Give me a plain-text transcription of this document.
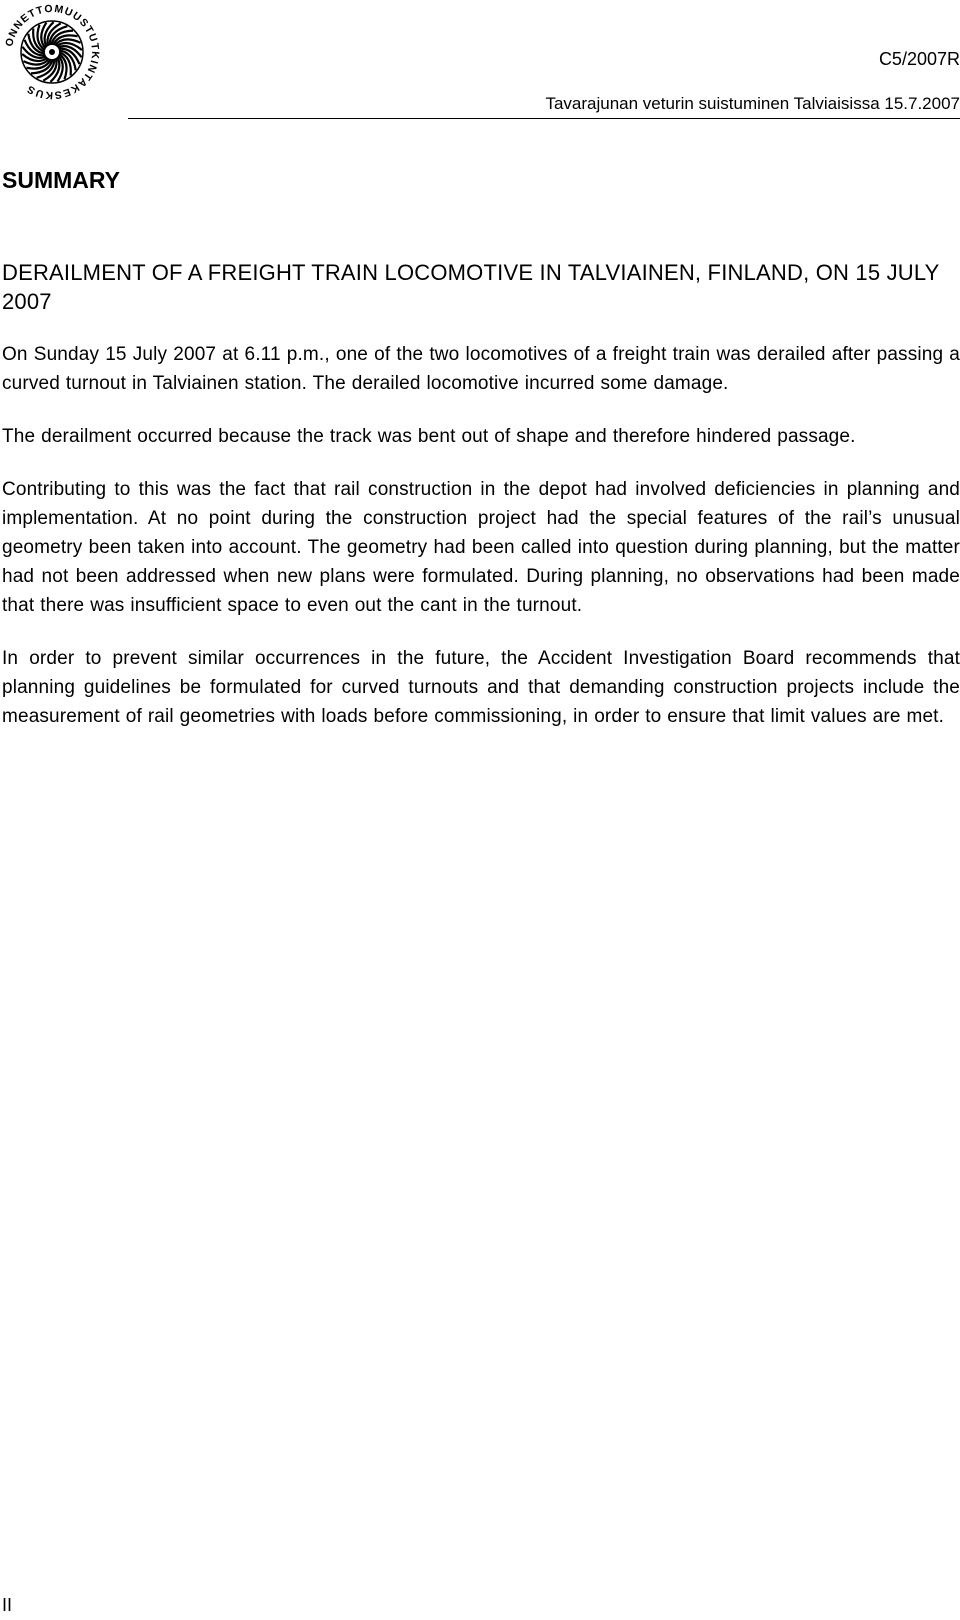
ONNETTOMUUSTUTKINTAKESKUS
C5/2007R
Tavarajunan veturin suistuminen Talviaisissa 15.7.2007
SUMMARY
DERAILMENT OF A FREIGHT TRAIN LOCOMOTIVE IN TALVIAINEN, FINLAND, ON 15 JULY 2007

On Sunday 15 July 2007 at 6.11 p.m., one of the two locomotives of a freight train was derailed after passing a curved turnout in Talviainen station. The derailed locomotive incurred some damage.

The derailment occurred because the track was bent out of shape and therefore hindered passage.

Contributing to this was the fact that rail construction in the depot had involved deficiencies in planning and implementation. At no point during the construction project had the special features of the rail’s unusual geometry been taken into account. The geometry had been called into question during planning, but the matter had not been addressed when new plans were formulated. During planning, no observations had been made that there was insufficient space to even out the cant in the turnout.

In order to prevent similar occurrences in the future, the Accident Investigation Board recommends that planning guidelines be formulated for curved turnouts and that demanding construction projects include the measurement of rail geometries with loads before commissioning, in order to ensure that limit values are met.

II
